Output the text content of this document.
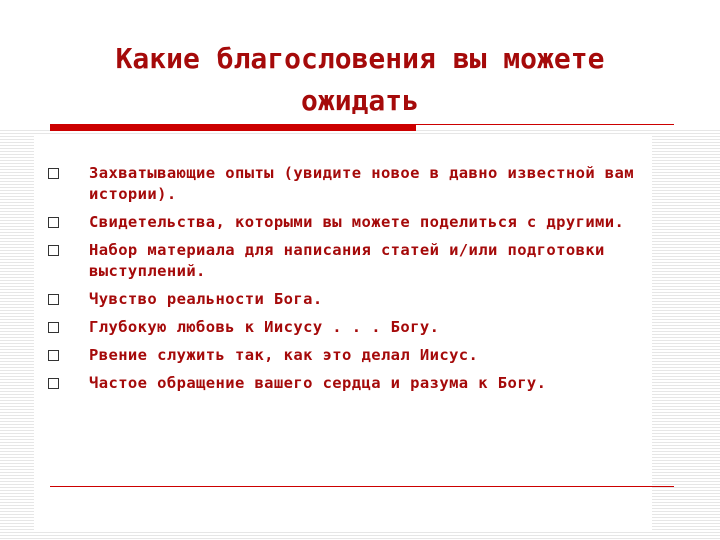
Какие благословения вы можете
ожидать
Захватывающие опыты (увидите новое в давно известной вам истории).
Свидетельства, которыми вы можете поделиться с другими.
Набор материала для написания статей и/или подготовки выступлений.
Чувство реальности Бога.
Глубокую любовь к Иисусу . . . Богу.
Рвение служить так, как это делал Иисус.
Частое обращение вашего сердца и разума к Богу.
